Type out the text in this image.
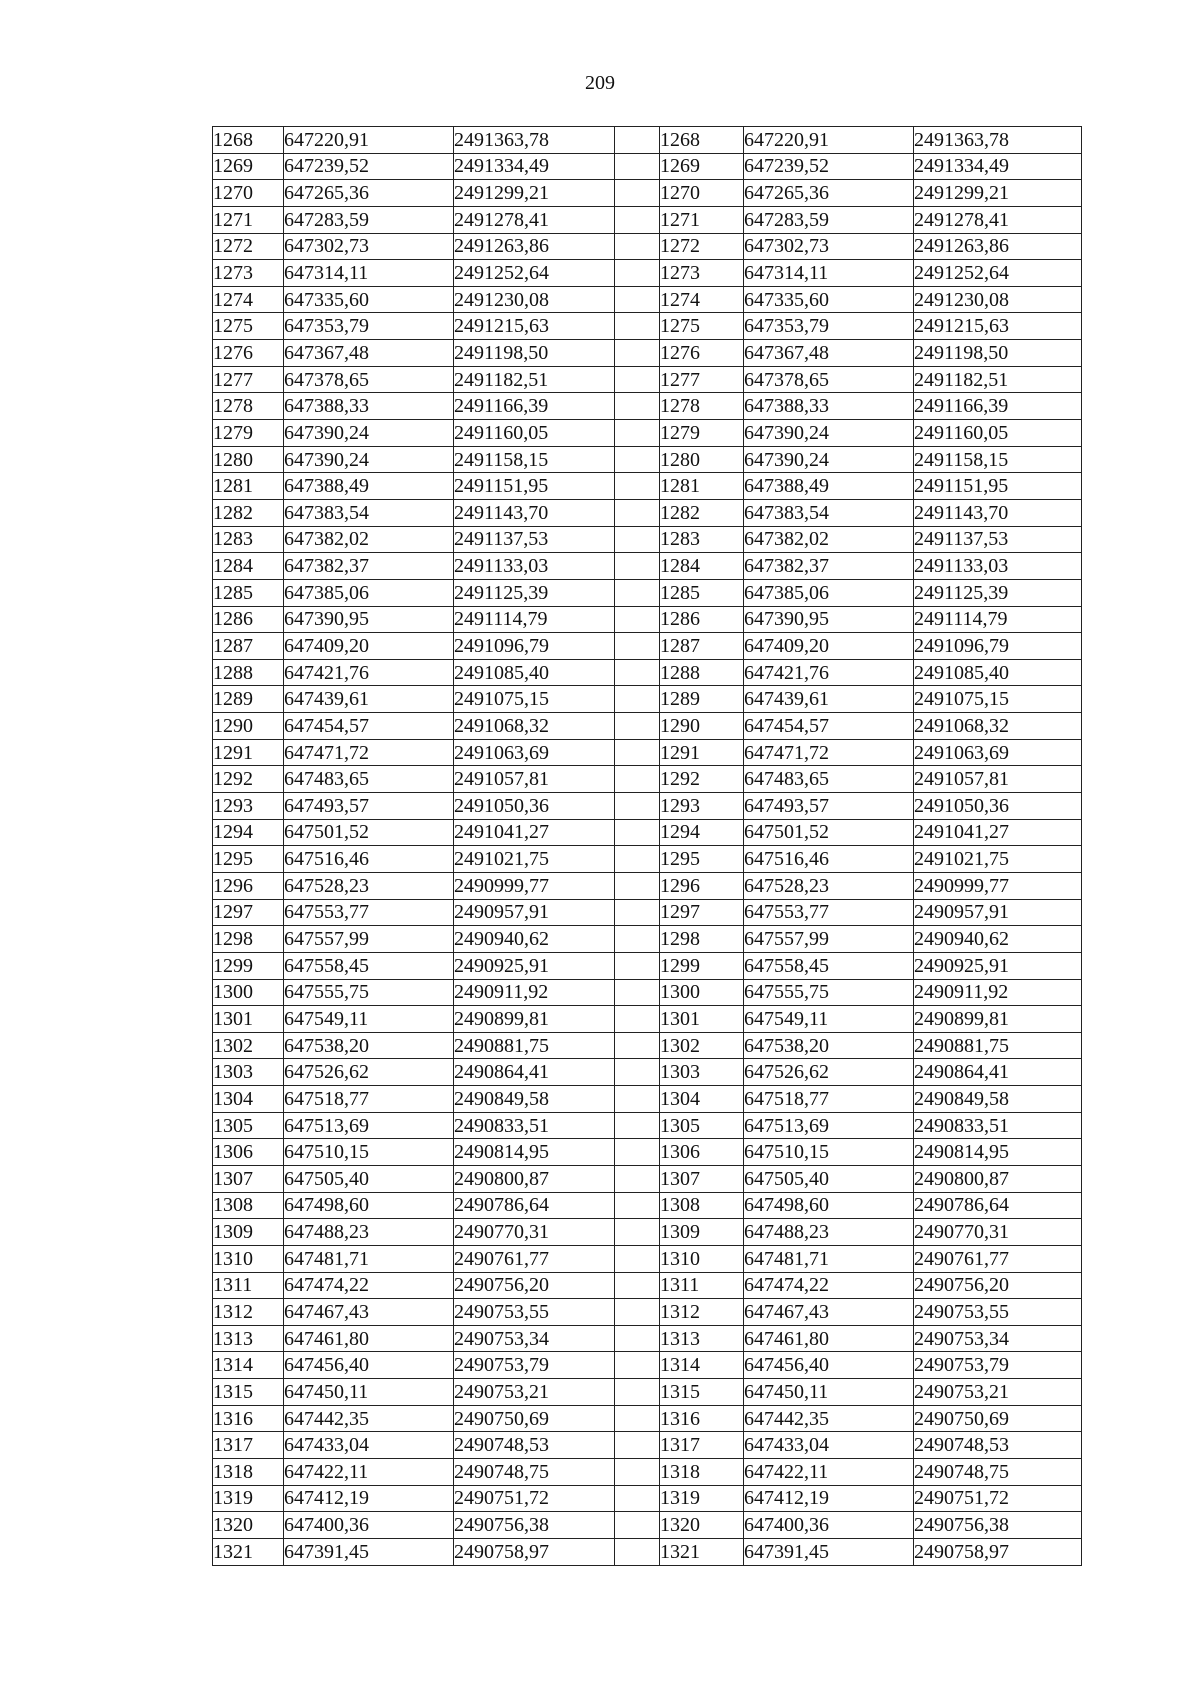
209
1268	647220,91	2491363,78		1268	647220,91	2491363,78
1269	647239,52	2491334,49		1269	647239,52	2491334,49
1270	647265,36	2491299,21		1270	647265,36	2491299,21
1271	647283,59	2491278,41		1271	647283,59	2491278,41
1272	647302,73	2491263,86		1272	647302,73	2491263,86
1273	647314,11	2491252,64		1273	647314,11	2491252,64
1274	647335,60	2491230,08		1274	647335,60	2491230,08
1275	647353,79	2491215,63		1275	647353,79	2491215,63
1276	647367,48	2491198,50		1276	647367,48	2491198,50
1277	647378,65	2491182,51		1277	647378,65	2491182,51
1278	647388,33	2491166,39		1278	647388,33	2491166,39
1279	647390,24	2491160,05		1279	647390,24	2491160,05
1280	647390,24	2491158,15		1280	647390,24	2491158,15
1281	647388,49	2491151,95		1281	647388,49	2491151,95
1282	647383,54	2491143,70		1282	647383,54	2491143,70
1283	647382,02	2491137,53		1283	647382,02	2491137,53
1284	647382,37	2491133,03		1284	647382,37	2491133,03
1285	647385,06	2491125,39		1285	647385,06	2491125,39
1286	647390,95	2491114,79		1286	647390,95	2491114,79
1287	647409,20	2491096,79		1287	647409,20	2491096,79
1288	647421,76	2491085,40		1288	647421,76	2491085,40
1289	647439,61	2491075,15		1289	647439,61	2491075,15
1290	647454,57	2491068,32		1290	647454,57	2491068,32
1291	647471,72	2491063,69		1291	647471,72	2491063,69
1292	647483,65	2491057,81		1292	647483,65	2491057,81
1293	647493,57	2491050,36		1293	647493,57	2491050,36
1294	647501,52	2491041,27		1294	647501,52	2491041,27
1295	647516,46	2491021,75		1295	647516,46	2491021,75
1296	647528,23	2490999,77		1296	647528,23	2490999,77
1297	647553,77	2490957,91		1297	647553,77	2490957,91
1298	647557,99	2490940,62		1298	647557,99	2490940,62
1299	647558,45	2490925,91		1299	647558,45	2490925,91
1300	647555,75	2490911,92		1300	647555,75	2490911,92
1301	647549,11	2490899,81		1301	647549,11	2490899,81
1302	647538,20	2490881,75		1302	647538,20	2490881,75
1303	647526,62	2490864,41		1303	647526,62	2490864,41
1304	647518,77	2490849,58		1304	647518,77	2490849,58
1305	647513,69	2490833,51		1305	647513,69	2490833,51
1306	647510,15	2490814,95		1306	647510,15	2490814,95
1307	647505,40	2490800,87		1307	647505,40	2490800,87
1308	647498,60	2490786,64		1308	647498,60	2490786,64
1309	647488,23	2490770,31		1309	647488,23	2490770,31
1310	647481,71	2490761,77		1310	647481,71	2490761,77
1311	647474,22	2490756,20		1311	647474,22	2490756,20
1312	647467,43	2490753,55		1312	647467,43	2490753,55
1313	647461,80	2490753,34		1313	647461,80	2490753,34
1314	647456,40	2490753,79		1314	647456,40	2490753,79
1315	647450,11	2490753,21		1315	647450,11	2490753,21
1316	647442,35	2490750,69		1316	647442,35	2490750,69
1317	647433,04	2490748,53		1317	647433,04	2490748,53
1318	647422,11	2490748,75		1318	647422,11	2490748,75
1319	647412,19	2490751,72		1319	647412,19	2490751,72
1320	647400,36	2490756,38		1320	647400,36	2490756,38
1321	647391,45	2490758,97		1321	647391,45	2490758,97
